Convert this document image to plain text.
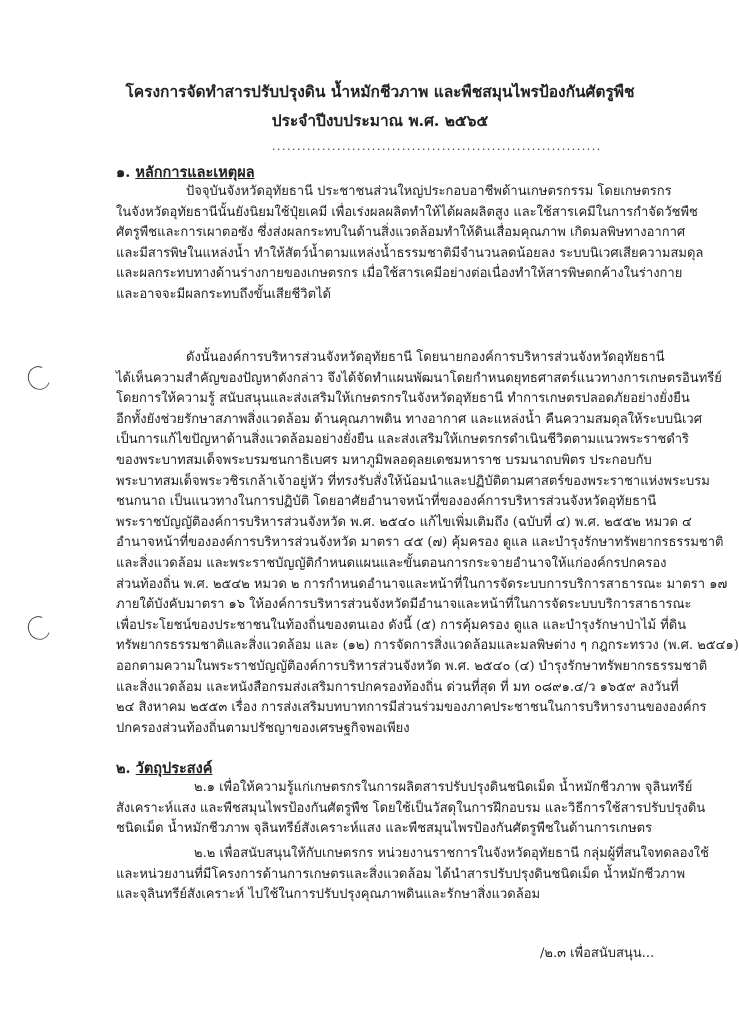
โครงการจัดทำสารปรับปรุงดิน น้ำหมักชีวภาพ และพืชสมุนไพรป้องกันศัตรูพืช
ประจำปีงบประมาณ พ.ศ. ๒๕๖๕
..................................................................
๑. หลักการและเหตุผล
ปัจจุบันจังหวัดอุทัยธานี ประชาชนส่วนใหญ่ประกอบอาชีพด้านเกษตรกรรม โดยเกษตรกร
ในจังหวัดอุทัยธานีนั้นยังนิยมใช้ปุ๋ยเคมี เพื่อเร่งผลผลิตทำให้ได้ผลผลิตสูง และใช้สารเคมีในการกำจัดวัชพืช
ศัตรูพืชและการเผาตอซัง ซึ่งส่งผลกระทบในด้านสิ่งแวดล้อมทำให้ดินเสื่อมคุณภาพ เกิดมลพิษทางอากาศ
และมีสารพิษในแหล่งน้ำ ทำให้สัตว์น้ำตามแหล่งน้ำธรรมชาติมีจำนวนลดน้อยลง ระบบนิเวศเสียความสมดุล
และผลกระทบทางด้านร่างกายของเกษตรกร เมื่อใช้สารเคมีอย่างต่อเนื่องทำให้สารพิษตกค้างในร่างกาย
และอาจจะมีผลกระทบถึงขั้นเสียชีวิตได้
ดังนั้นองค์การบริหารส่วนจังหวัดอุทัยธานี โดยนายกองค์การบริหารส่วนจังหวัดอุทัยธานี
ได้เห็นความสำคัญของปัญหาดังกล่าว จึงได้จัดทำแผนพัฒนาโดยกำหนดยุทธศาสตร์แนวทางการเกษตรอินทรีย์
โดยการให้ความรู้ สนับสนุนและส่งเสริมให้เกษตรกรในจังหวัดอุทัยธานี ทำการเกษตรปลอดภัยอย่างยั่งยืน
อีกทั้งยังช่วยรักษาสภาพสิ่งแวดล้อม ด้านคุณภาพดิน ทางอากาศ และแหล่งน้ำ คืนความสมดุลให้ระบบนิเวศ
เป็นการแก้ไขปัญหาด้านสิ่งแวดล้อมอย่างยั่งยืน และส่งเสริมให้เกษตรกรดำเนินชีวิตตามแนวพระราชดำริ
ของพระบาทสมเด็จพระบรมชนกาธิเบศร มหาภูมิพลอดุลยเดชมหาราช บรมนาถบพิตร ประกอบกับ
พระบาทสมเด็จพระวชิรเกล้าเจ้าอยู่หัว ที่ทรงรับสั่งให้น้อมนำและปฏิบัติตามศาสตร์ของพระราชาแห่งพระบรม
ชนกนาถ เป็นแนวทางในการปฏิบัติ โดยอาศัยอำนาจหน้าที่ขององค์การบริหารส่วนจังหวัดอุทัยธานี
พระราชบัญญัติองค์การบริหารส่วนจังหวัด พ.ศ. ๒๕๔๐ แก้ไขเพิ่มเติมถึง (ฉบับที่ ๔) พ.ศ. ๒๕๕๒ หมวด ๔
อำนาจหน้าที่ขององค์การบริหารส่วนจังหวัด มาตรา ๔๕ (๗) คุ้มครอง ดูแล และบำรุงรักษาทรัพยากรธรรมชาติ
และสิ่งแวดล้อม และพระราชบัญญัติกำหนดแผนและขั้นตอนการกระจายอำนาจให้แก่องค์กรปกครอง
ส่วนท้องถิ่น พ.ศ. ๒๕๔๒ หมวด ๒ การกำหนดอำนาจและหน้าที่ในการจัดระบบการบริการสาธารณะ มาตรา ๑๗
ภายใต้บังคับมาตรา ๑๖ ให้องค์การบริหารส่วนจังหวัดมีอำนาจและหน้าที่ในการจัดระบบบริการสาธารณะ
เพื่อประโยชน์ของประชาชนในท้องถิ่นของตนเอง ดังนี้ (๕) การคุ้มครอง ดูแล และบำรุงรักษาป่าไม้ ที่ดิน
ทรัพยากรธรรมชาติและสิ่งแวดล้อม และ (๑๒) การจัดการสิ่งแวดล้อมและมลพิษต่าง ๆ กฎกระทรวง (พ.ศ. ๒๕๔๑)
ออกตามความในพระราชบัญญัติองค์การบริหารส่วนจังหวัด พ.ศ. ๒๕๔๐ (๔) บำรุงรักษาทรัพยากรธรรมชาติ
และสิ่งแวดล้อม และหนังสือกรมส่งเสริมการปกครองท้องถิ่น ด่วนที่สุด ที่ มท ๐๘๙๑.๔/ว ๑๖๕๙ ลงวันที่
๒๔ สิงหาคม ๒๕๕๓ เรื่อง การส่งเสริมบทบาทการมีส่วนร่วมของภาคประชาชนในการบริหารงานขององค์กร
ปกครองส่วนท้องถิ่นตามปรัชญาของเศรษฐกิจพอเพียง
๒. วัตถุประสงค์
๒.๑ เพื่อให้ความรู้แก่เกษตรกรในการผลิตสารปรับปรุงดินชนิดเม็ด น้ำหมักชีวภาพ จุลินทรีย์
สังเคราะห์แสง และพืชสมุนไพรป้องกันศัตรูพืช โดยใช้เป็นวัสดุในการฝึกอบรม และวิธีการใช้สารปรับปรุงดิน
ชนิดเม็ด น้ำหมักชีวภาพ จุลินทรีย์สังเคราะห์แสง และพืชสมุนไพรป้องกันศัตรูพืชในด้านการเกษตร
๒.๒ เพื่อสนับสนุนให้กับเกษตรกร หน่วยงานราชการในจังหวัดอุทัยธานี กลุ่มผู้ที่สนใจทดลองใช้
และหน่วยงานที่มีโครงการด้านการเกษตรและสิ่งแวดล้อม ได้นำสารปรับปรุงดินชนิดเม็ด น้ำหมักชีวภาพ
และจุลินทรีย์สังเคราะห์ ไปใช้ในการปรับปรุงคุณภาพดินและรักษาสิ่งแวดล้อม
/๒.๓ เพื่อสนับสนุน...
